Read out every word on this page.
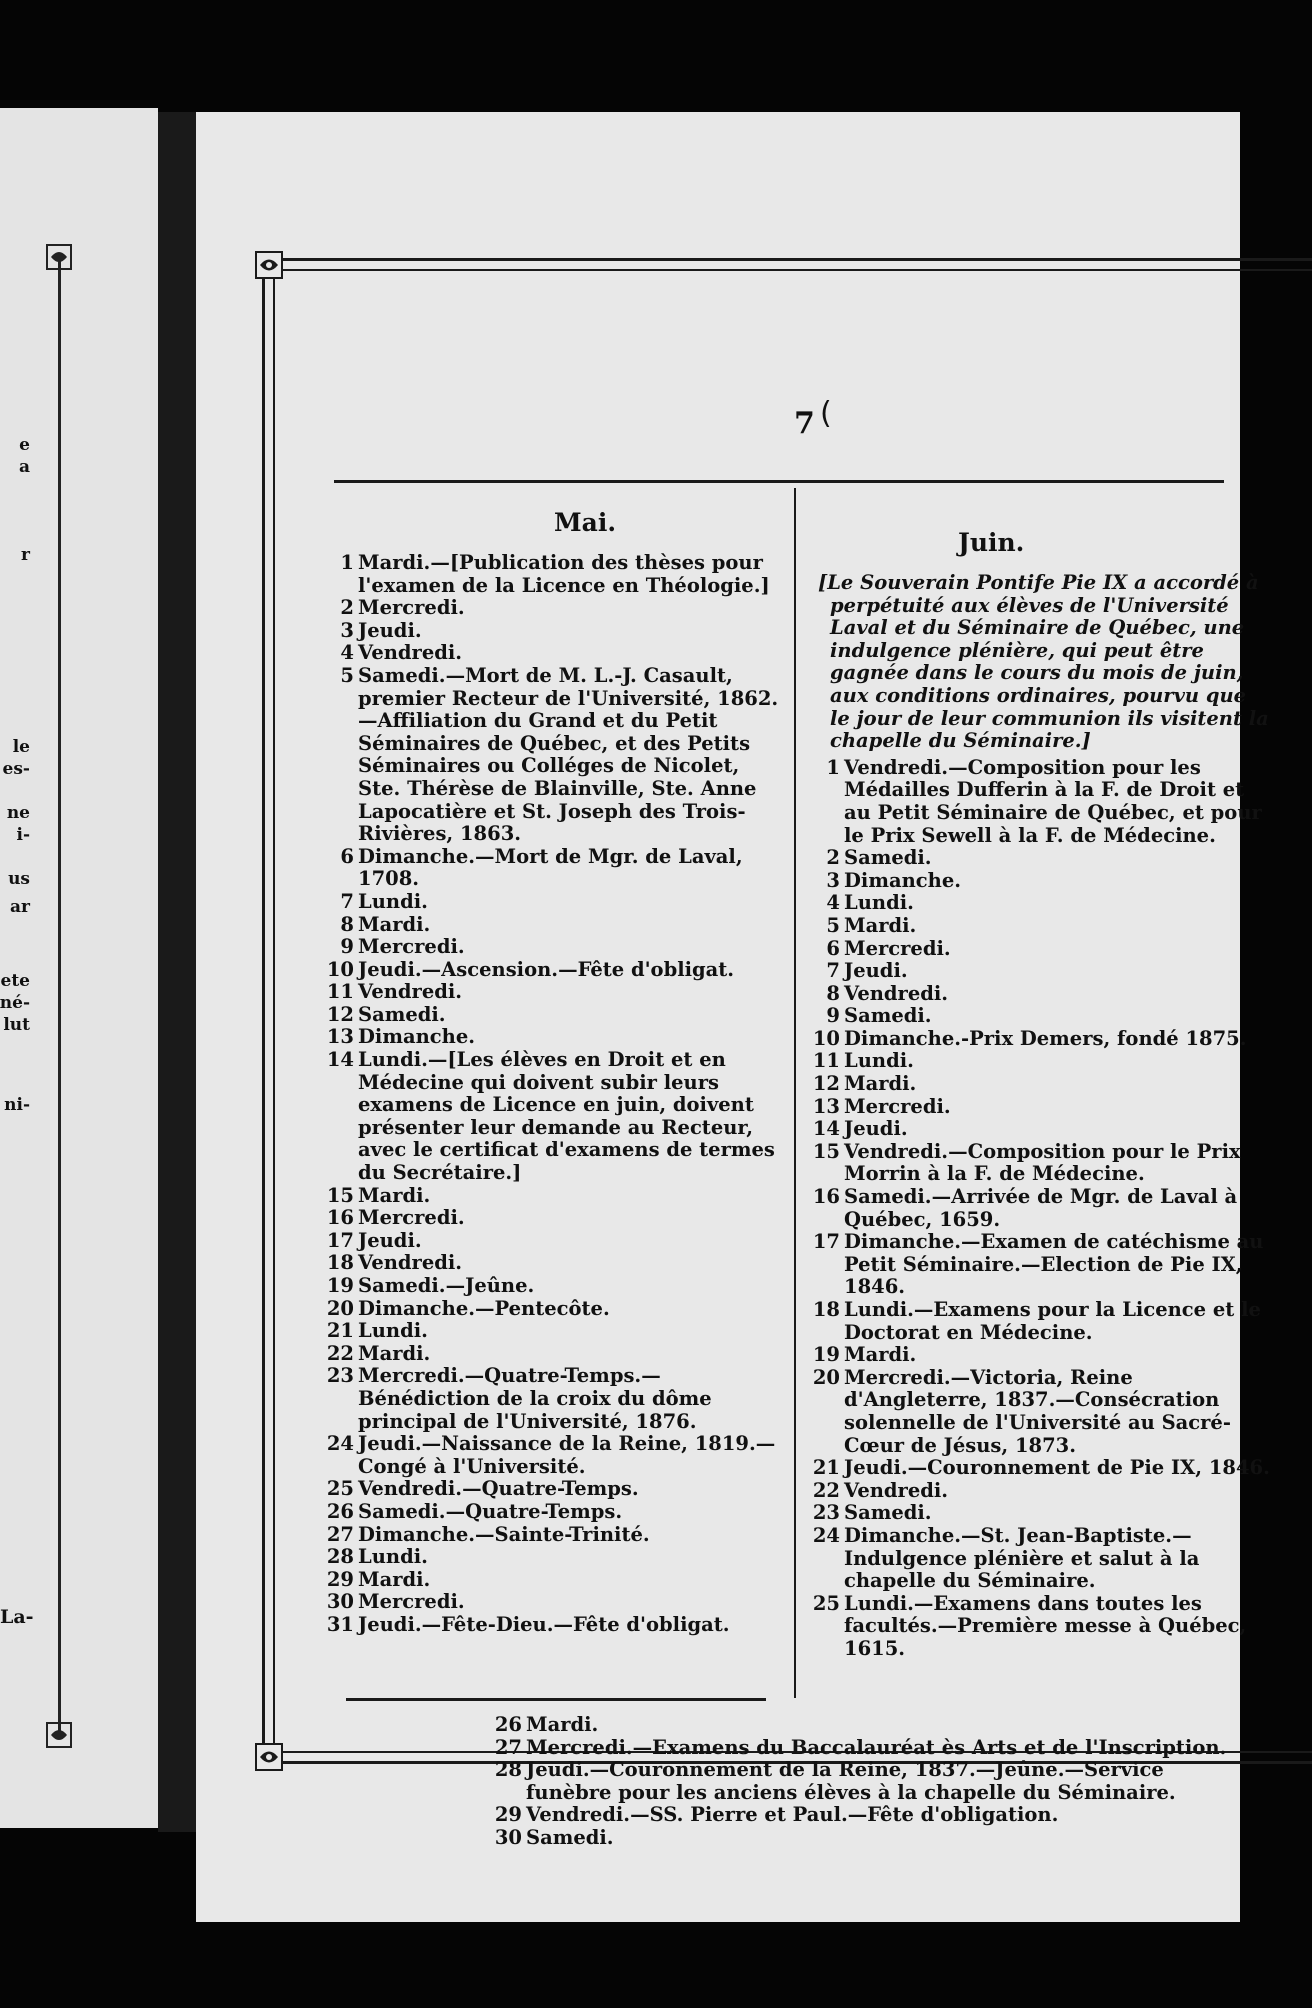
le
es-
ne
i-
us
ar
ete
né-
lut
ni-
r
e
a
La-
7 (
Mai.
Juin.
1 Mardi.—[Publication des thèses pour l'examen de la Licence en Théologie.]
2 Mercredi.
3 Jeudi.
4 Vendredi.
5 Samedi.—Mort de M. L.-J. Casault, premier Recteur de l'Université, 1862.—Affiliation du Grand et du Petit Séminaires de Québec, et des Petits Séminaires ou Colléges de Nicolet, Ste. Thérèse de Blainville, Ste. Anne Lapocatière et St. Joseph des Trois-Rivières, 1863.
6 Dimanche.—Mort de Mgr. de Laval, 1708.
7 Lundi.
8 Mardi.
9 Mercredi.
10 Jeudi.—Ascension.—Fête d'obligat.
11 Vendredi.
12 Samedi.
13 Dimanche.
14 Lundi.—[Les élèves en Droit et en Médecine qui doivent subir leurs examens de Licence en juin, doivent présenter leur demande au Recteur, avec le certificat d'examens de termes du Secrétaire.]
15 Mardi.
16 Mercredi.
17 Jeudi.
18 Vendredi.
19 Samedi.—Jeûne.
20 Dimanche.—Pentecôte.
21 Lundi.
22 Mardi.
23 Mercredi.—Quatre-Temps.—Bénédiction de la croix du dôme principal de l'Université, 1876.
24 Jeudi.—Naissance de la Reine, 1819.—Congé à l'Université.
25 Vendredi.—Quatre-Temps.
26 Samedi.—Quatre-Temps.
27 Dimanche.—Sainte-Trinité.
28 Lundi.
29 Mardi.
30 Mercredi.
31 Jeudi.—Fête-Dieu.—Fête d'obligat.
[Le Souverain Pontife Pie IX a accordé à perpétuité aux élèves de l'Université Laval et du Séminaire de Québec, une indulgence plénière, qui peut être gagnée dans le cours du mois de juin, aux conditions ordinaires, pourvu que le jour de leur communion ils visitent la chapelle du Séminaire.]
1 Vendredi.—Composition pour les Médailles Dufferin à la F. de Droit et au Petit Séminaire de Québec, et pour le Prix Sewell à la F. de Médecine.
2 Samedi.
3 Dimanche.
4 Lundi.
5 Mardi.
6 Mercredi.
7 Jeudi.
8 Vendredi.
9 Samedi.
10 Dimanche.-Prix Demers, fondé 1875.
11 Lundi.
12 Mardi.
13 Mercredi.
14 Jeudi.
15 Vendredi.—Composition pour le Prix Morrin à la F. de Médecine.
16 Samedi.—Arrivée de Mgr. de Laval à Québec, 1659.
17 Dimanche.—Examen de catéchisme au Petit Séminaire.—Election de Pie IX, 1846.
18 Lundi.—Examens pour la Licence et le Doctorat en Médecine.
19 Mardi.
20 Mercredi.—Victoria, Reine d'Angleterre, 1837.—Consécration solennelle de l'Université au Sacré-Cœur de Jésus, 1873.
21 Jeudi.—Couronnement de Pie IX, 1846.
22 Vendredi.
23 Samedi.
24 Dimanche.—St. Jean-Baptiste.—Indulgence plénière et salut à la chapelle du Séminaire.
25 Lundi.—Examens dans toutes les facultés.—Première messe à Québec, 1615.
26 Mardi.
27 Mercredi.—Examens du Baccalauréat ès Arts et de l'Inscription.
28 Jeudi.—Couronnement de la Reine, 1837.—Jeûne.—Service funèbre pour les anciens élèves à la chapelle du Séminaire.
29 Vendredi.—SS. Pierre et Paul.—Fête d'obligation.
30 Samedi.
